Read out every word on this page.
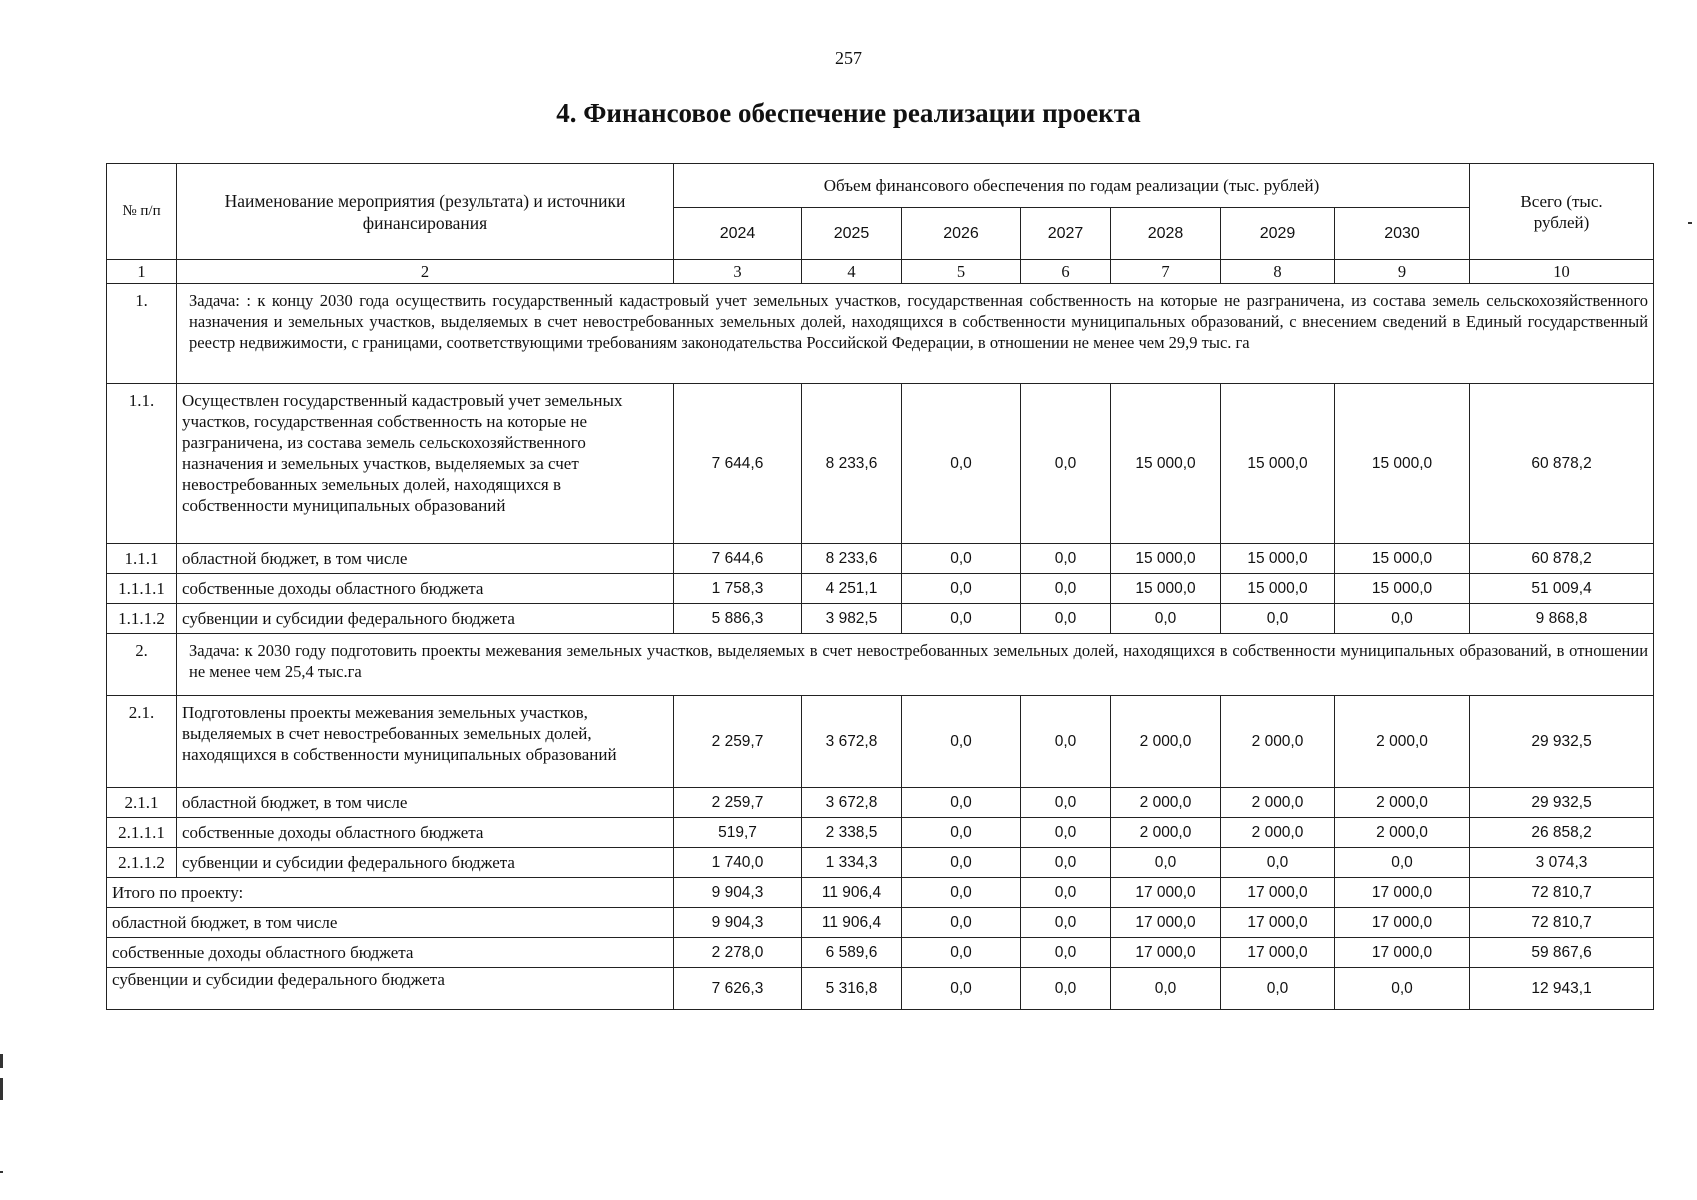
257
4. Финансовое обеспечение реализации проекта
№ п/п	Наименование мероприятия (результата) и источники финансирования	Объем финансового обеспечения по годам реализации (тыс. рублей)							Всего (тыс. рублей)
		2024	2025	2026	2027	2028	2029	2030	
1	2	3	4	5	6	7	8	9	10
1.	Задача: : к концу 2030 года осуществить государственный кадастровый учет земельных участков, государственная собственность на которые не разграничена, из состава земель сельскохозяйственного назначения и земельных участков, выделяемых в счет невостребованных земельных долей, находящихся в собственности муниципальных образований, с внесением сведений в Единый государственный реестр недвижимости, с границами, соответствующими требованиям законодательства Российской Федерации, в отношении не менее чем 29,9 тыс. га								
1.1.	Осуществлен государственный кадастровый учет земельных участков, государственная собственность на которые не разграничена, из состава земель сельскохозяйственного назначения и земельных участков, выделяемых за счет невостребованных земельных долей, находящихся в собственности муниципальных образований	7 644,6	8 233,6	0,0	0,0	15 000,0	15 000,0	15 000,0	60 878,2
1.1.1	областной бюджет, в том числе	7 644,6	8 233,6	0,0	0,0	15 000,0	15 000,0	15 000,0	60 878,2
1.1.1.1	собственные доходы областного бюджета	1 758,3	4 251,1	0,0	0,0	15 000,0	15 000,0	15 000,0	51 009,4
1.1.1.2	субвенции и субсидии федерального бюджета	5 886,3	3 982,5	0,0	0,0	0,0	0,0	0,0	9 868,8
2.	Задача: к 2030 году подготовить проекты межевания земельных участков, выделяемых в счет невостребованных земельных долей, находящихся в собственности муниципальных образований, в отношении не менее чем 25,4 тыс.га								
2.1.	Подготовлены проекты межевания земельных участков, выделяемых в счет невостребованных земельных долей, находящихся в собственности муниципальных образований	2 259,7	3 672,8	0,0	0,0	2 000,0	2 000,0	2 000,0	29 932,5
2.1.1	областной бюджет, в том числе	2 259,7	3 672,8	0,0	0,0	2 000,0	2 000,0	2 000,0	29 932,5
2.1.1.1	собственные доходы областного бюджета	519,7	2 338,5	0,0	0,0	2 000,0	2 000,0	2 000,0	26 858,2
2.1.1.2	субвенции и субсидии федерального бюджета	1 740,0	1 334,3	0,0	0,0	0,0	0,0	0,0	3 074,3
Итого по проекту:		9 904,3	11 906,4	0,0	0,0	17 000,0	17 000,0	17 000,0	72 810,7
областной бюджет, в том числе		9 904,3	11 906,4	0,0	0,0	17 000,0	17 000,0	17 000,0	72 810,7
собственные доходы областного бюджета		2 278,0	6 589,6	0,0	0,0	17 000,0	17 000,0	17 000,0	59 867,6
субвенции и субсидии федерального бюджета		7 626,3	5 316,8	0,0	0,0	0,0	0,0	0,0	12 943,1
